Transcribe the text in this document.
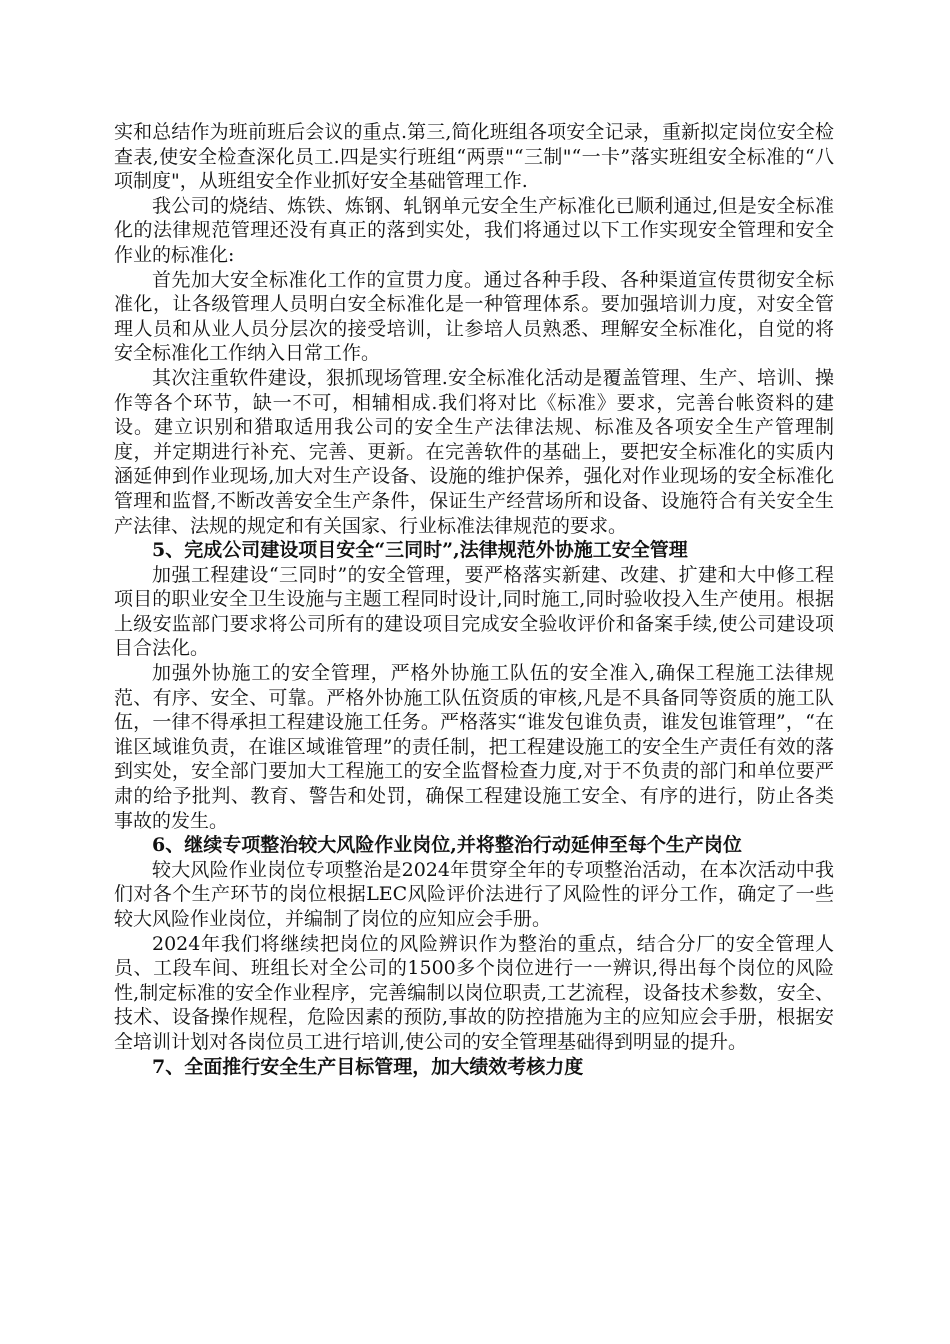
实和总结作为班前班后会议的重点.第三,简化班组各项安全记录，重新拟定岗位安全检查表,使安全检查深化员工.四是实行班组“两票"“三制"“一卡”落实班组安全标准的“八项制度"，从班组安全作业抓好安全基础管理工作.

我公司的烧结、炼铁、炼钢、轧钢单元安全生产标准化已顺利通过,但是安全标准化的法律规范管理还没有真正的落到实处，我们将通过以下工作实现安全管理和安全作业的标准化:

首先加大安全标准化工作的宣贯力度。通过各种手段、各种渠道宣传贯彻安全标准化，让各级管理人员明白安全标准化是一种管理体系。要加强培训力度，对安全管理人员和从业人员分层次的接受培训，让参培人员熟悉、理解安全标准化，自觉的将安全标准化工作纳入日常工作。

其次注重软件建设，狠抓现场管理.安全标准化活动是覆盖管理、生产、培训、操作等各个环节，缺一不可，相辅相成.我们将对比《标准》要求，完善台帐资料的建设。建立识别和猎取适用我公司的安全生产法律法规、标准及各项安全生产管理制度，并定期进行补充、完善、更新。在完善软件的基础上，要把安全标准化的实质内涵延伸到作业现场,加大对生产设备、设施的维护保养，强化对作业现场的安全标准化管理和监督,不断改善安全生产条件，保证生产经营场所和设备、设施符合有关安全生产法律、法规的规定和有关国家、行业标准法律规范的要求。

5、完成公司建设项目安全“三同时”,法律规范外协施工安全管理

加强工程建设“三同时”的安全管理，要严格落实新建、改建、扩建和大中修工程项目的职业安全卫生设施与主题工程同时设计,同时施工,同时验收投入生产使用。根据上级安监部门要求将公司所有的建设项目完成安全验收评价和备案手续,使公司建设项目合法化。

加强外协施工的安全管理，严格外协施工队伍的安全准入,确保工程施工法律规范、有序、安全、可靠。严格外协施工队伍资质的审核,凡是不具备同等资质的施工队伍，一律不得承担工程建设施工任务。严格落实“谁发包谁负责，谁发包谁管理”，“在谁区域谁负责，在谁区域谁管理”的责任制，把工程建设施工的安全生产责任有效的落到实处，安全部门要加大工程施工的安全监督检查力度,对于不负责的部门和单位要严肃的给予批判、教育、警告和处罚，确保工程建设施工安全、有序的进行，防止各类事故的发生。

6、继续专项整治较大风险作业岗位,并将整治行动延伸至每个生产岗位

较大风险作业岗位专项整治是2024年贯穿全年的专项整治活动，在本次活动中我们对各个生产环节的岗位根据LEC风险评价法进行了风险性的评分工作，确定了一些较大风险作业岗位，并编制了岗位的应知应会手册。

2024年我们将继续把岗位的风险辨识作为整治的重点，结合分厂的安全管理人员、工段车间、班组长对全公司的1500多个岗位进行一一辨识,得出每个岗位的风险性,制定标准的安全作业程序，完善编制以岗位职责,工艺流程，设备技术参数，安全、技术、设备操作规程，危险因素的预防,事故的防控措施为主的应知应会手册，根据安全培训计划对各岗位员工进行培训,使公司的安全管理基础得到明显的提升。

7、全面推行安全生产目标管理，加大绩效考核力度
